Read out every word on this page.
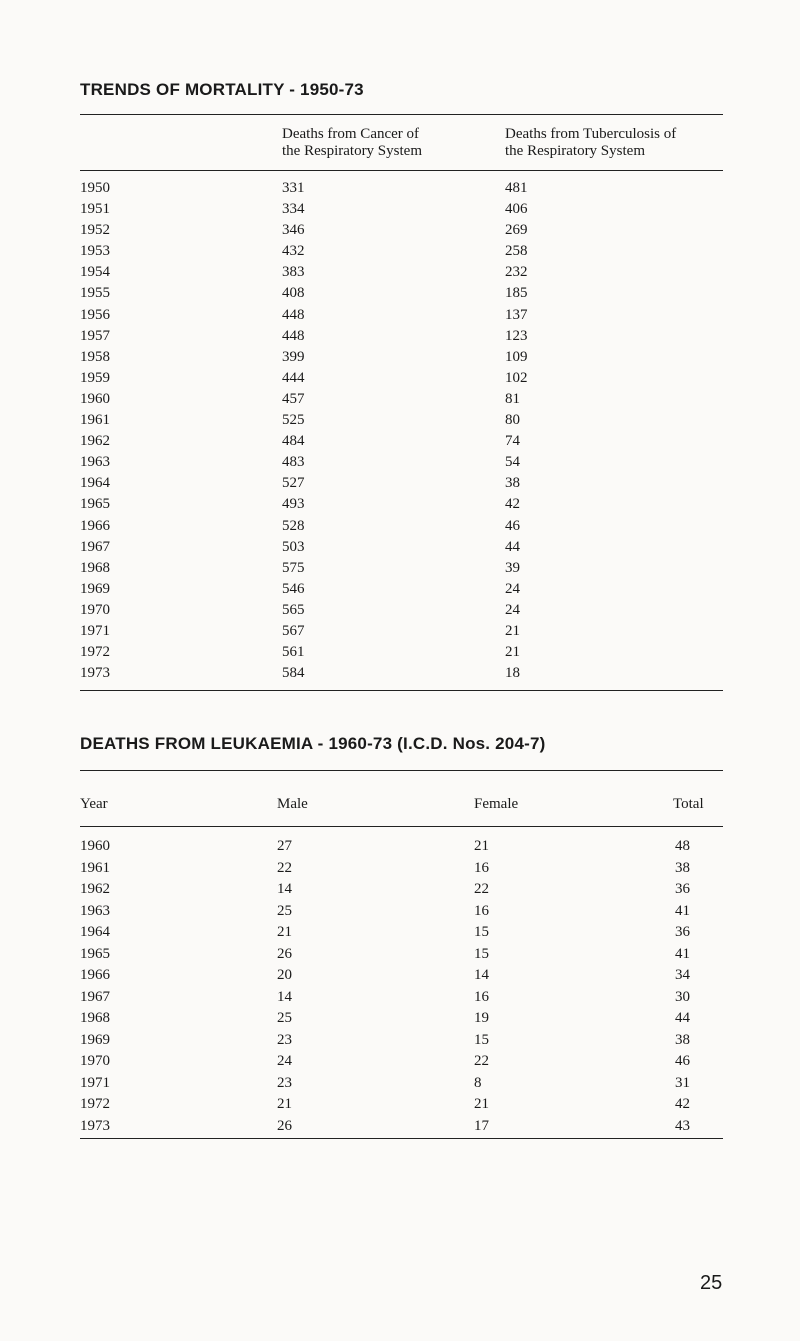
TRENDS OF MORTALITY - 1950-73
Deaths from Cancer of
the Respiratory System
Deaths from Tuberculosis of
the Respiratory System
1950	331	481
1951	334	406
1952	346	269
1953	432	258
1954	383	232
1955	408	185
1956	448	137
1957	448	123
1958	399	109
1959	444	102
1960	457	81
1961	525	80
1962	484	74
1963	483	54
1964	527	38
1965	493	42
1966	528	46
1967	503	44
1968	575	39
1969	546	24
1970	565	24
1971	567	21
1972	561	21
1973	584	18
DEATHS FROM LEUKAEMIA - 1960-73 (I.C.D. Nos. 204-7)
Year	Male	Female	Total
1960	27	21	48
1961	22	16	38
1962	14	22	36
1963	25	16	41
1964	21	15	36
1965	26	15	41
1966	20	14	34
1967	14	16	30
1968	25	19	44
1969	23	15	38
1970	24	22	46
1971	23	8	31
1972	21	21	42
1973	26	17	43
25
